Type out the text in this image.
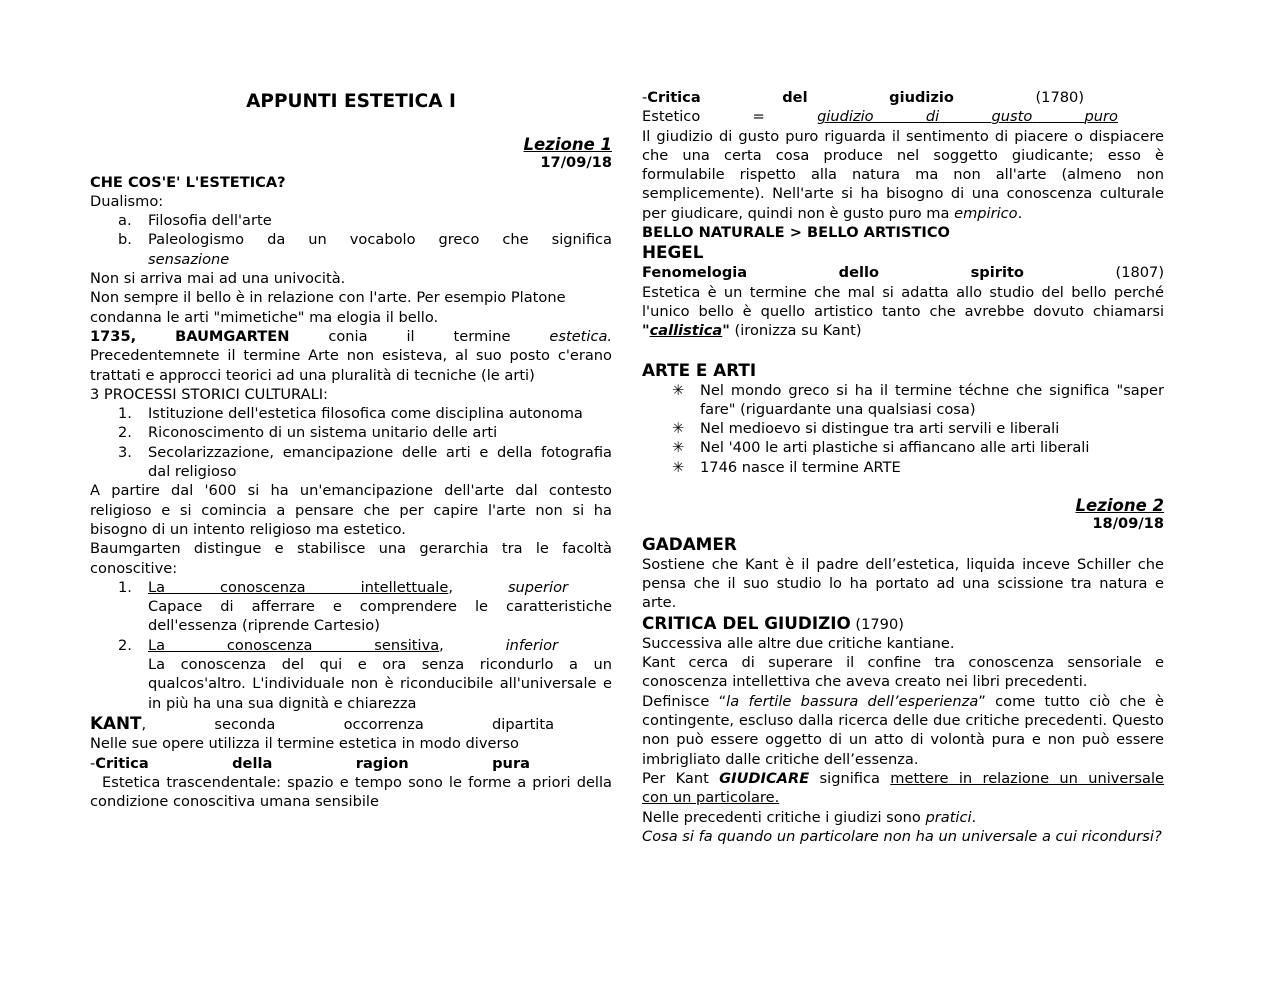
APPUNTI ESTETICA I

Lezione 1

17/09/18

CHE COS'E' L'ESTETICA?

Dualismo:

a. Filosofia dell'arte
b. Paleologismo da un vocabolo greco che significa

sensazione

Non si arriva mai ad una univocità.

Non sempre il bello è in relazione con l'arte. Per esempio Platone
condanna le arti "mimetiche" ma elogia il bello.

1735,	BAUMGARTEN	conia	il	termine	estetica.

Precedentemnete il termine Arte non esisteva, al suo posto c'erano trattati e approcci teorici ad una pluralità di tecniche (le arti)

3 PROCESSI STORICI CULTURALI:

1. Istituzione dell'estetica filosofica come disciplina autonoma

2. Riconoscimento di un sistema unitario delle arti
3. Secolarizzazione, emancipazione delle arti e della fotografia dal religioso

A partire dal '600 si ha un'emancipazione dell'arte dal contesto religioso e si comincia a pensare che per capire l'arte non si ha bisogno di un intento religioso ma estetico.

Baumgarten distingue e stabilisce una gerarchia tra le facoltà conoscitive:

1. La	conoscenza	intellettuale,	superior

Capace di afferrare e comprendere le caratteristiche dell'essenza (riprende Cartesio)

2. La	conoscenza	sensitiva,	inferior

La conoscenza del qui e ora senza ricondurlo a un qualcos'altro. L'individuale non è riconducibile all'universale e in più ha una sua dignità e chiarezza

KANT,	seconda	occorrenza	dipartita

Nelle sue opere utilizza il termine estetica in modo diverso

-Critica	della	ragion	pura

Estetica trascendentale: spazio e tempo sono le forme a priori della condizione conoscitiva umana sensibile

-Critica	del	giudizio	(1780)

Estetico	=	giudizio	di	gusto	puro

Il giudizio di gusto puro riguarda il sentimento di piacere o dispiacere che una certa cosa produce nel soggetto giudicante; esso è formulabile rispetto alla natura ma non all'arte (almeno non semplicemente). Nell'arte si ha bisogno di una conoscenza culturale per giudicare, quindi non è gusto puro ma empirico.

BELLO NATURALE > BELLO ARTISTICO

HEGEL

Fenomelogia	dello	spirito	(1807)

Estetica è un termine che mal si adatta allo studio del bello perché l'unico bello è quello artistico tanto che avrebbe dovuto chiamarsi "callistica" (ironizza su Kant)

ARTE E ARTI

✳ Nel mondo greco si ha il termine téchne che significa "saper fare" (riguardante una qualsiasi cosa)

✳ Nel medioevo si distingue tra arti servili e liberali
✳ Nel '400 le arti plastiche si affiancano alle arti liberali
✳ 1746 nasce il termine ARTE

Lezione 2

18/09/18

GADAMER

Sostiene che Kant è il padre dell’estetica, liquida inceve Schiller che pensa che il suo studio lo ha portato ad una scissione tra natura e arte.

CRITICA DEL GIUDIZIO (1790)

Successiva alle altre due critiche kantiane.

Kant cerca di superare il confine tra conoscenza sensoriale e conoscenza intellettiva che aveva creato nei libri precedenti.

Definisce “la fertile bassura dell’esperienza” come tutto ciò che è contingente, escluso dalla ricerca delle due critiche precedenti. Questo non può essere oggetto di un atto di volontà pura e non può essere imbrigliato dalle critiche dell’essenza.

Per Kant GIUDICARE significa mettere in relazione un universale

con un particolare.

Nelle precedenti critiche i giudizi sono pratici.

Cosa si fa quando un particolare non ha un universale a cui ricondursi?
